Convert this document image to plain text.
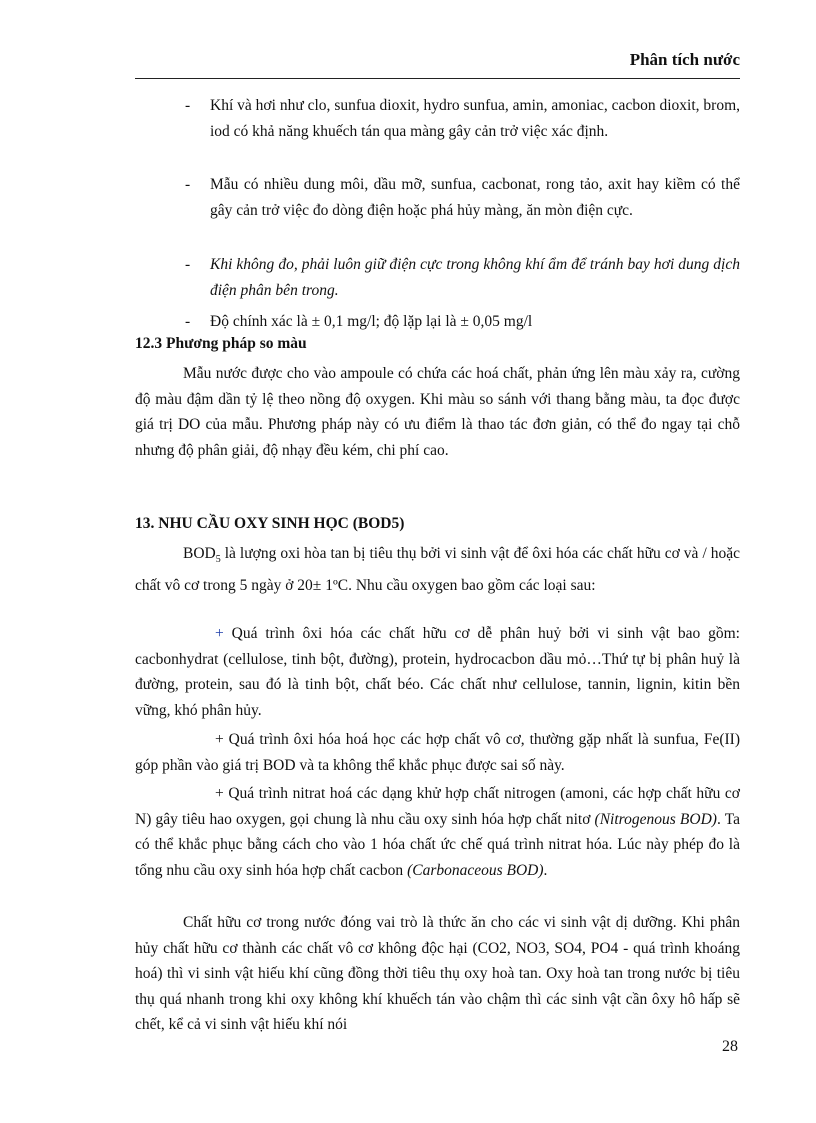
Phân tích nước
- Khí và hơi như clo, sunfua dioxit, hydro sunfua, amin, amoniac, cacbon dioxit, brom, iod có khả năng khuếch tán qua màng gây cản trở việc xác định.
- Mẫu có nhiều dung môi, dầu mỡ, sunfua, cacbonat, rong tảo, axit hay kiềm có thể gây cản trở việc đo dòng điện hoặc phá hủy màng, ăn mòn điện cực.
- Khi không đo, phải luôn giữ điện cực trong không khí ẩm để tránh bay hơi dung dịch điện phân bên trong.
- Độ chính xác là ± 0,1 mg/l; độ lặp lại là ± 0,05 mg/l
12.3 Phương pháp so màu
Mẫu nước được cho vào ampoule có chứa các hoá chất, phản ứng lên màu xảy ra, cường độ màu đậm dần tỷ lệ theo nồng độ oxygen. Khi màu so sánh với thang bằng màu, ta đọc được giá trị DO của mẫu. Phương pháp này có ưu điểm là thao tác đơn giản, có thể đo ngay tại chỗ nhưng độ phân giải, độ nhạy đều kém, chi phí cao.
13. NHU CẦU OXY SINH HỌC (BOD5)
$BOD_5$ là lượng oxi hòa tan bị tiêu thụ bởi vi sinh vật để ôxi hóa các chất hữu cơ và / hoặc chất vô cơ trong 5 ngày ở 20± 1ºC. Nhu cầu oxygen bao gồm các loại sau:
+ Quá trình ôxi hóa các chất hữu cơ dễ phân huỷ bởi vi sinh vật bao gồm: cacbonhydrat (cellulose, tinh bột, đường), protein, hydrocacbon dầu mỏ…Thứ tự bị phân huỷ là đường, protein, sau đó là tinh bột, chất béo. Các chất như cellulose, tannin, lignin, kitin bền vững, khó phân hủy.
+ Quá trình ôxi hóa hoá học các hợp chất vô cơ, thường gặp nhất là sunfua, Fe(II) góp phần vào giá trị BOD và ta không thể khắc phục được sai số này.
+ Quá trình nitrat hoá các dạng khử hợp chất nitrogen (amoni, các hợp chất hữu cơ N) gây tiêu hao oxygen, gọi chung là nhu cầu oxy sinh hóa hợp chất nitơ (Nitrogenous BOD). Ta có thể khắc phục bằng cách cho vào 1 hóa chất ức chế quá trình nitrat hóa. Lúc này phép đo là tổng nhu cầu oxy sinh hóa hợp chất cacbon (Carbonaceous BOD).
Chất hữu cơ trong nước đóng vai trò là thức ăn cho các vi sinh vật dị dưỡng. Khi phân hủy chất hữu cơ thành các chất vô cơ không độc hại (CO2, NO3, SO4, PO4 - quá trình khoáng hoá) thì vi sinh vật hiếu khí cũng đồng thời tiêu thụ oxy hoà tan. Oxy hoà tan trong nước bị tiêu thụ quá nhanh trong khi oxy không khí khuếch tán vào chậm thì các sinh vật cần ôxy hô hấp sẽ chết, kể cả vi sinh vật hiếu khí nói
28
